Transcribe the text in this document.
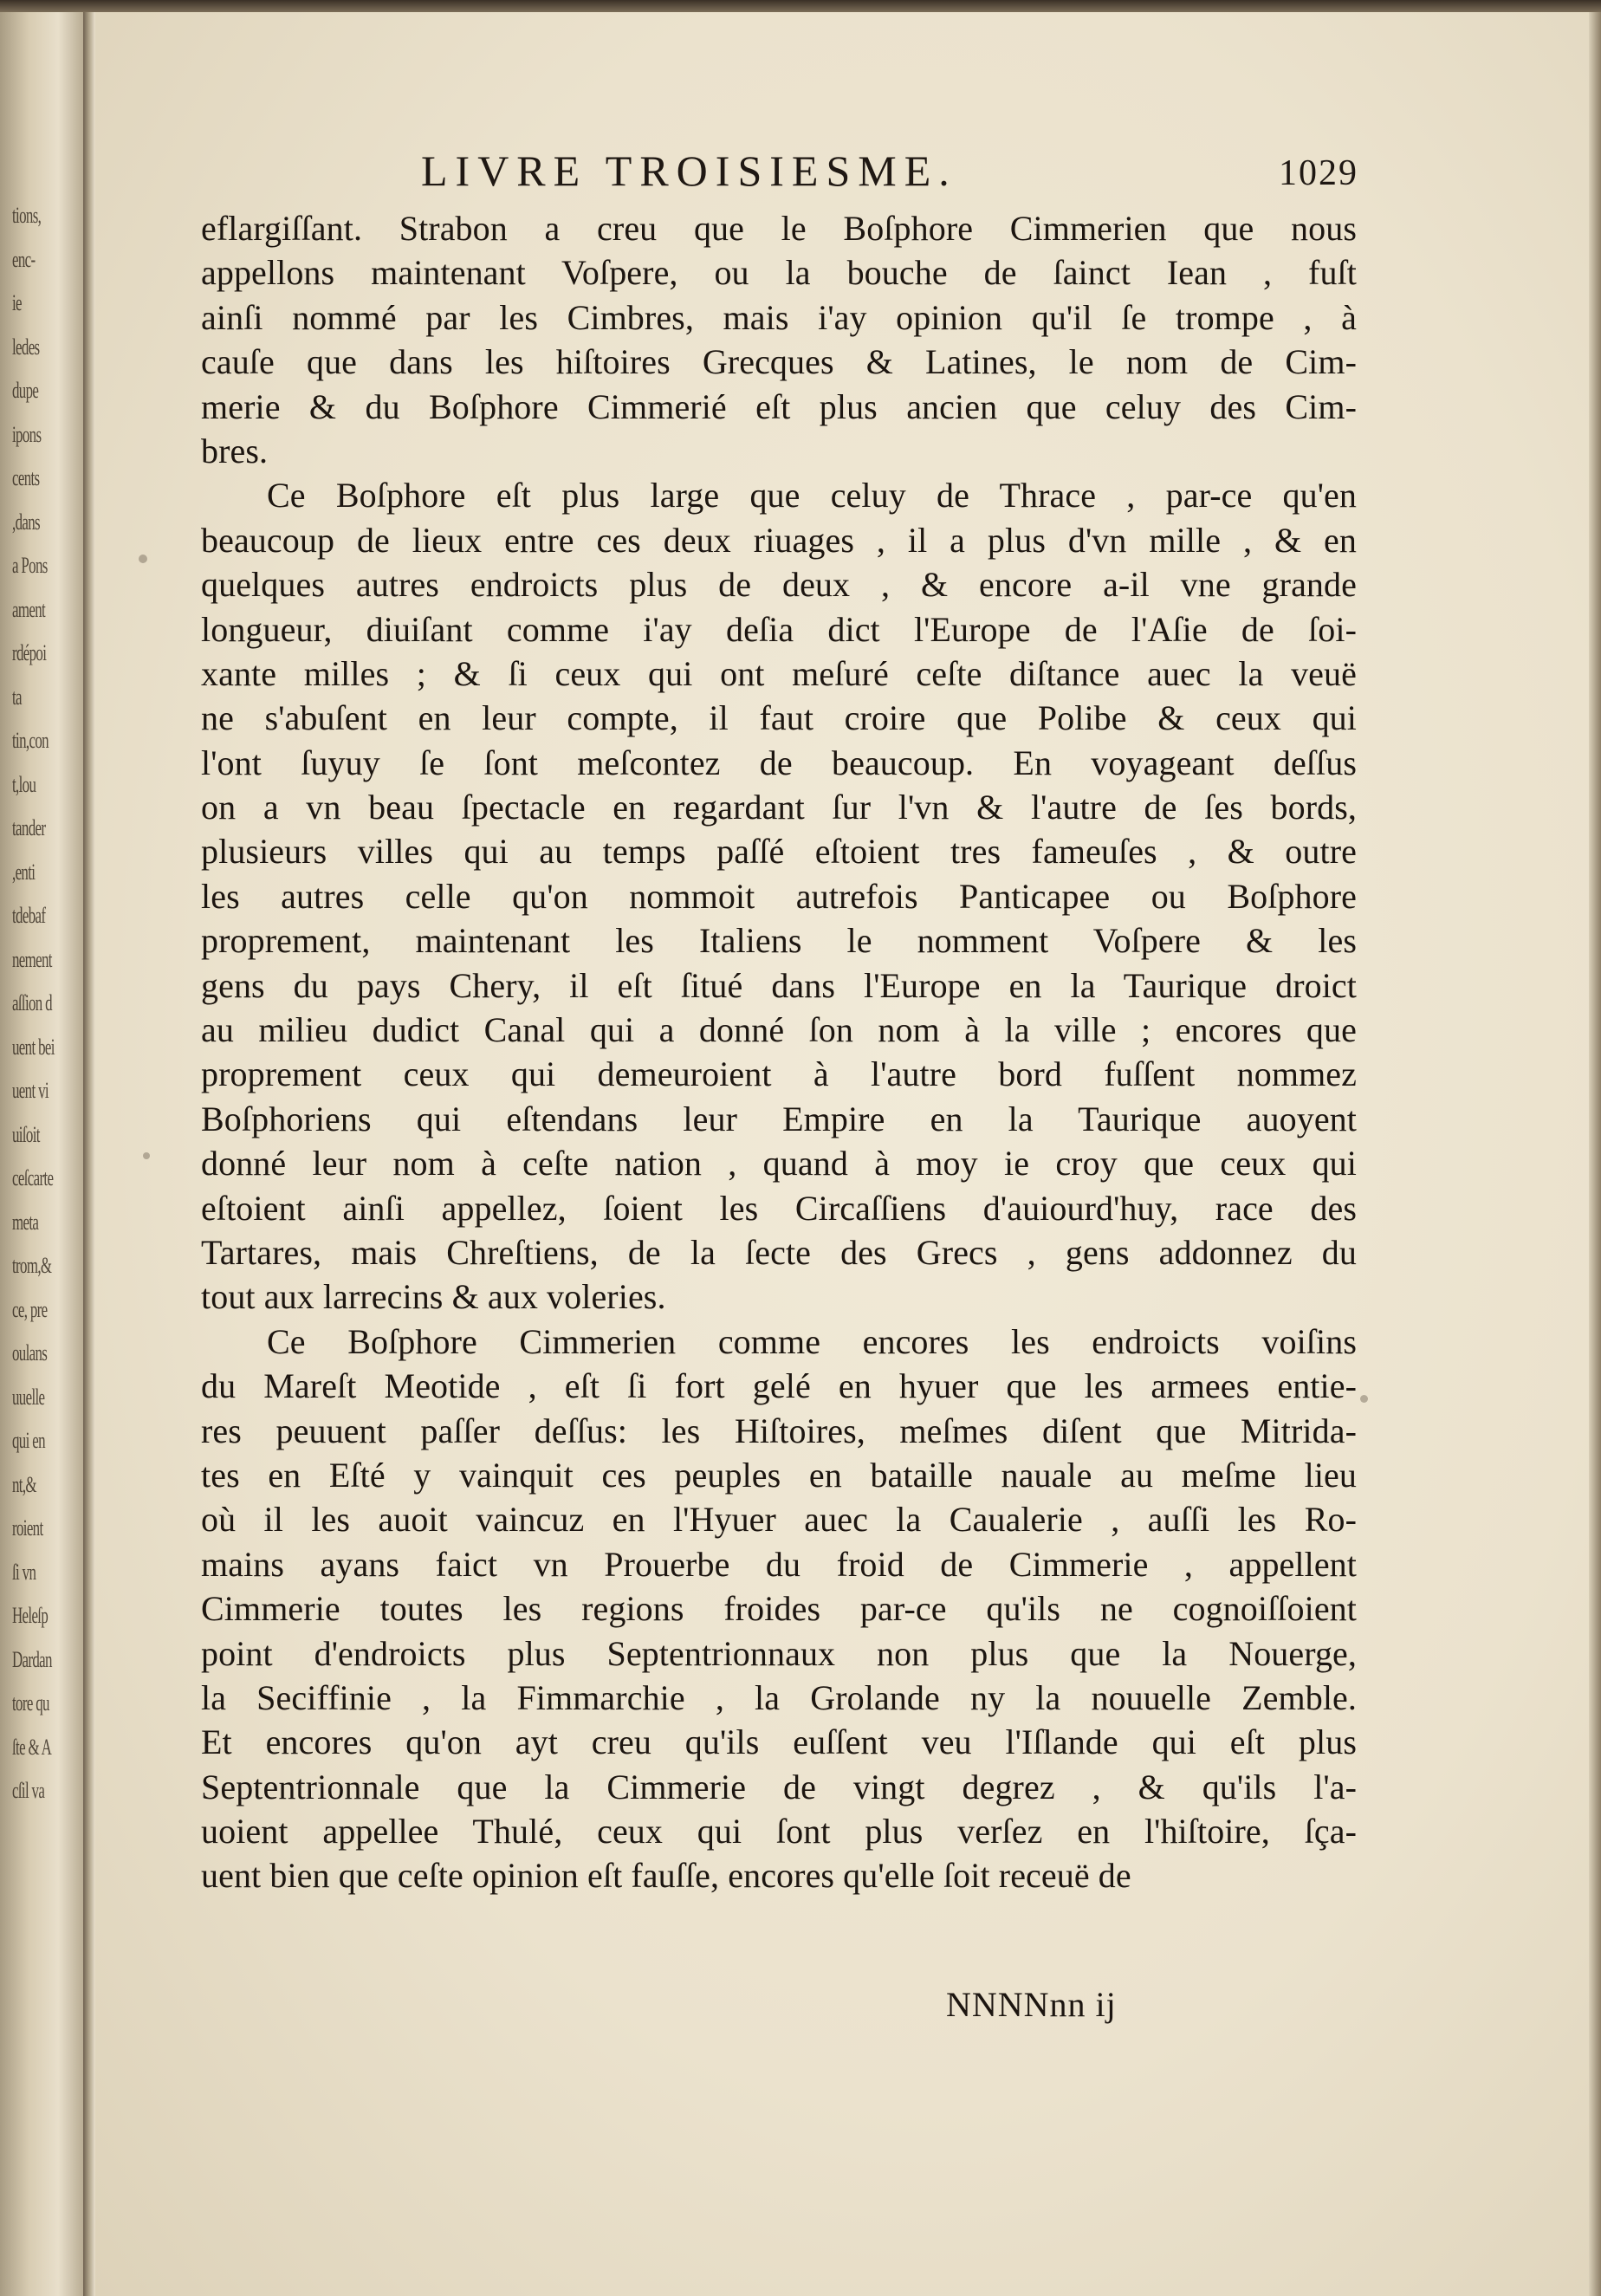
tions,
enc-
ie
ledes
dupe
ipons
cents
,dans
a Pons
ament
rdépoi
ta
tin,con
t,lou
tander
,enti
tdebaf
nement
aſſion d
uent bei
uent vi
uiſoit
ceſcarte
meta
trom,&
ce, pre
oulans
uuelle
qui en
nt,&
roient
ſi vn
Heleſp
Dardan
tore qu
ſte & A
cſil va
LIVRE TROISIESME.	1029
eflargiſſant. Strabon a creu que le Boſphore Cimmerien que nous
appellons maintenant Voſpere, ou la bouche de ſainct Iean , fuſt
ainſi nommé par les Cimbres, mais i'ay opinion qu'il ſe trompe , à
cauſe que dans les hiſtoires Grecques & Latines, le nom de Cim-
merie & du Boſphore Cimmerié eſt plus ancien que celuy des Cim-
bres.
Ce Boſphore eſt plus large que celuy de Thrace , par-ce qu'en
beaucoup de lieux entre ces deux riuages , il a plus d'vn mille , & en
quelques autres endroicts plus de deux , & encore a-il vne grande
longueur, diuiſant comme i'ay deſia dict l'Europe de l'Aſie de ſoi-
xante milles ; & ſi ceux qui ont meſuré ceſte diſtance auec la veuë
ne s'abuſent en leur compte, il faut croire que Polibe & ceux qui
l'ont ſuyuy ſe ſont meſcontez de beaucoup. En voyageant deſſus
on a vn beau ſpectacle en regardant ſur l'vn & l'autre de ſes bords,
plusieurs villes qui au temps paſſé eſtoient tres fameuſes , & outre
les autres celle qu'on nommoit autrefois Panticapee ou Boſphore
proprement, maintenant les Italiens le nomment Voſpere & les
gens du pays Chery, il eſt ſitué dans l'Europe en la Taurique droict
au milieu dudict Canal qui a donné ſon nom à la ville ; encores que
proprement ceux qui demeuroient à l'autre bord fuſſent nommez
Boſphoriens qui eſtendans leur Empire en la Taurique auoyent
donné leur nom à ceſte nation , quand à moy ie croy que ceux qui
eſtoient ainſi appellez, ſoient les Circaſſiens d'auiourd'huy, race des
Tartares, mais Chreſtiens, de la ſecte des Grecs , gens addonnez du
tout aux larrecins & aux voleries.
Ce Boſphore Cimmerien comme encores les endroicts voiſins
du Mareſt Meotide , eſt ſi fort gelé en hyuer que les armees entie-
res peuuent paſſer deſſus: les Hiſtoires, meſmes diſent que Mitrida-
tes en Eſté y vainquit ces peuples en bataille nauale au meſme lieu
où il les auoit vaincuz en l'Hyuer auec la Caualerie , auſſi les Ro-
mains ayans faict vn Prouerbe du froid de Cimmerie , appellent
Cimmerie toutes les regions froides par-ce qu'ils ne cognoiſſoient
point d'endroicts plus Septentrionnaux non plus que la Nouerge,
la Seciffinie , la Fimmarchie , la Grolande ny la nouuelle Zemble.
Et encores qu'on ayt creu qu'ils euſſent veu l'Iſlande qui eſt plus
Septentrionnale que la Cimmerie de vingt degrez , & qu'ils l'a-
uoient appellee Thulé, ceux qui ſont plus verſez en l'hiſtoire, ſça-
uent bien que ceſte opinion eſt fauſſe, encores qu'elle ſoit receuë de
NNNNnn ij
